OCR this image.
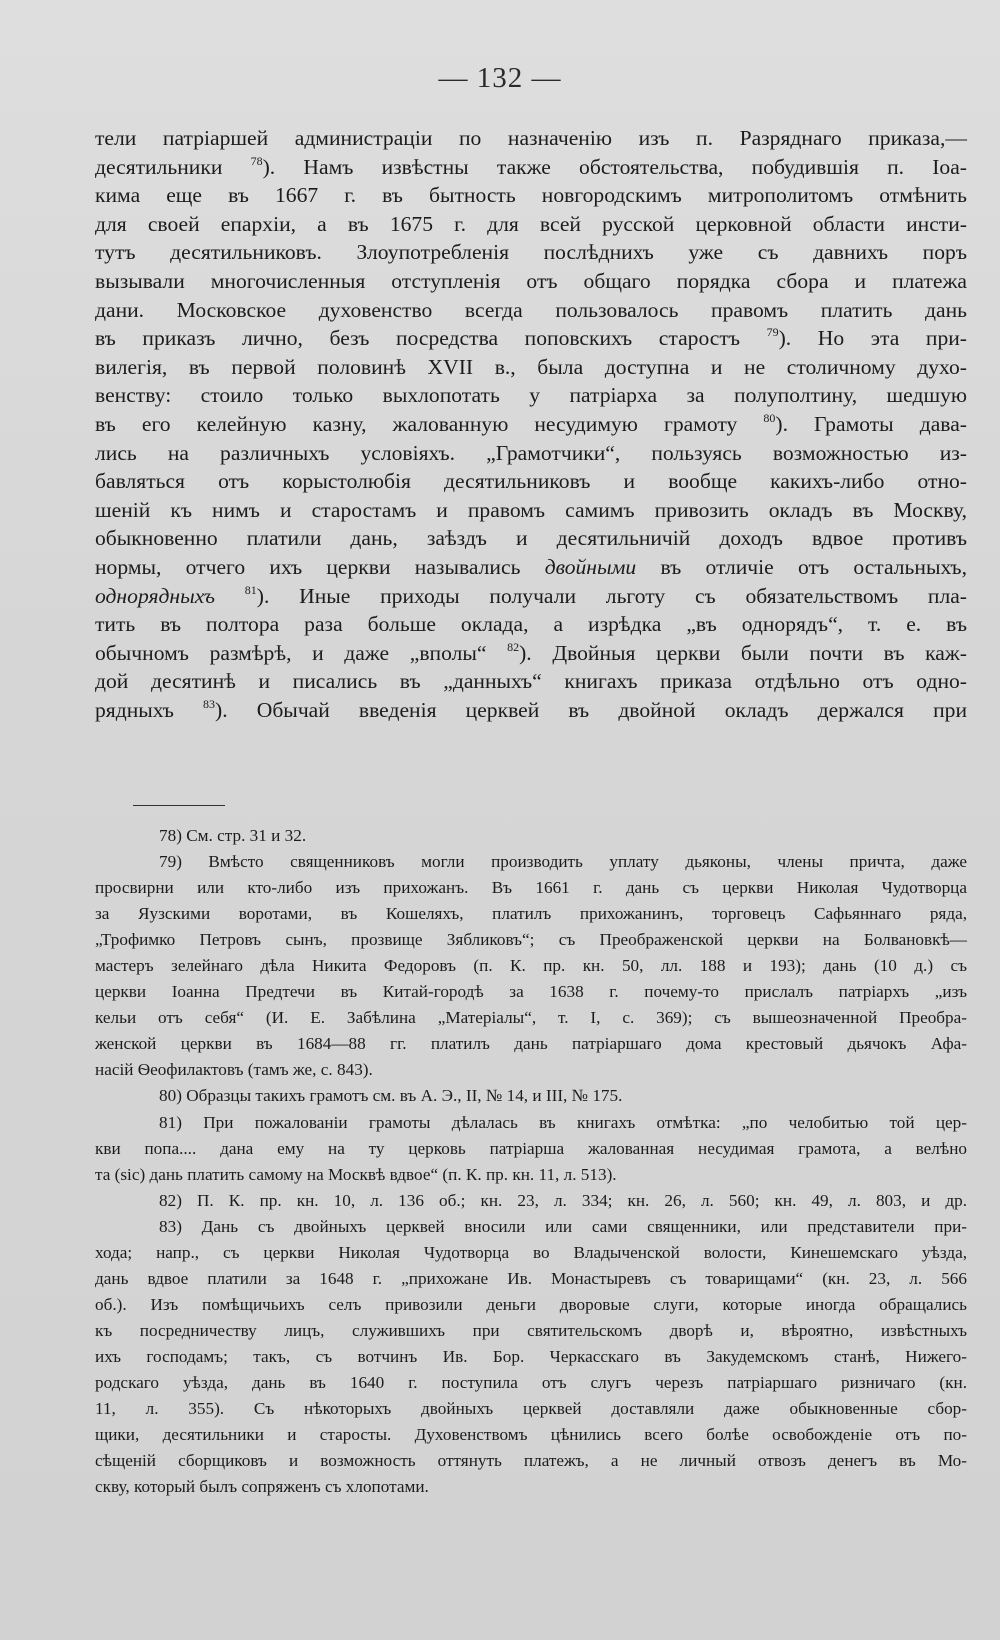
— 132 —
тели патріаршей администраціи по назначенію изъ п. Разряднаго приказа,—
десятильники $^{78}$). Намъ извѣстны также обстоятельства, побудившія п. Іоа-
кима еще въ 1667 г. въ бытность новгородскимъ митрополитомъ отмѣнить
для своей епархіи, а въ 1675 г. для всей русской церковной области инсти-
тутъ десятильниковъ. Злоупотребленія послѣднихъ уже съ давнихъ поръ
вызывали многочисленныя отступленія отъ общаго порядка сбора и платежа
дани. Московское духовенство всегда пользовалось правомъ платить дань
въ приказъ лично, безъ посредства поповскихъ старостъ $^{79}$). Но эта при-
вилегія, въ первой половинѣ XVII в., была доступна и не столичному духо-
венству: стоило только выхлопотать у патріарха за полуполтину, шедшую
въ его келейную казну, жалованную несудимую грамоту $^{80}$). Грамоты дава-
лись на различныхъ условіяхъ. „Грамотчики“, пользуясь возможностью из-
бавляться отъ корыстолюбія десятильниковъ и вообще какихъ-либо отно-
шеній къ нимъ и старостамъ и правомъ самимъ привозить окладъ въ Москву,
обыкновенно платили дань, заѣздъ и десятильничій доходъ вдвое противъ
нормы, отчего ихъ церкви назывались двойными въ отличіе отъ остальныхъ,
однорядныхъ $^{81}$). Иные приходы получали льготу съ обязательствомъ пла-
тить въ полтора раза больше оклада, а изрѣдка „въ однорядъ“, т. е. въ
обычномъ размѣрѣ, и даже „вполы“ $^{82}$). Двойныя церкви были почти въ каж-
дой десятинѣ и писались въ „данныхъ“ книгахъ приказа отдѣльно отъ одно-
рядныхъ $^{83}$). Обычай введенія церквей въ двойной окладъ держался при
78) См. стр. 31 и 32.
79) Вмѣсто священниковъ могли производить уплату дьяконы, члены причта, даже
просвирни или кто-либо изъ прихожанъ. Въ 1661 г. дань съ церкви Николая Чудотворца
за Яузскими воротами, въ Кошеляхъ, платилъ прихожанинъ, торговецъ Сафьяннаго ряда,
„Трофимко Петровъ сынъ, прозвище Зябликовъ“; съ Преображенской церкви на Болвановкѣ—
мастеръ зелейнаго дѣла Никита Федоровъ (п. К. пр. кн. 50, лл. 188 и 193); дань (10 д.) съ
церкви Іоанна Предтечи въ Китай-городѣ за 1638 г. почему-то прислалъ патріархъ „изъ
кельи отъ себя“ (И. Е. Забѣлина „Матеріалы“, т. I, с. 369); съ вышеозначенной Преобра-
женской церкви въ 1684—88 гг. платилъ дань патріаршаго дома крестовый дьячокъ Афа-
насій Ѳеофилактовъ (тамъ же, с. 843).
80) Образцы такихъ грамотъ см. въ А. Э., II, № 14, и III, № 175.
81) При пожалованіи грамоты дѣлалась въ книгахъ отмѣтка: „по челобитью той цер-
кви попа.... дана ему на ту церковь патріарша жалованная несудимая грамота, а велѣно
та (sic) дань платить самому на Москвѣ вдвое“ (п. К. пр. кн. 11, л. 513).
82) П. К. пр. кн. 10, л. 136 об.; кн. 23, л. 334; кн. 26, л. 560; кн. 49, л. 803, и др.
83) Дань съ двойныхъ церквей вносили или сами священники, или представители при-
хода; напр., съ церкви Николая Чудотворца во Владыченской волости, Кинешемскаго уѣзда,
дань вдвое платили за 1648 г. „прихожане Ив. Монастыревъ съ товарищами“ (кн. 23, л. 566
об.). Изъ помѣщичьихъ селъ привозили деньги дворовые слуги, которые иногда обращались
къ посредничеству лицъ, служившихъ при святительскомъ дворѣ и, вѣроятно, извѣстныхъ
ихъ господамъ; такъ, съ вотчинъ Ив. Бор. Черкасскаго въ Закудемскомъ станѣ, Нижего-
родскаго уѣзда, дань въ 1640 г. поступила отъ слугъ черезъ патріаршаго ризничаго (кн.
11, л. 355). Съ нѣкоторыхъ двойныхъ церквей доставляли даже обыкновенные сбор-
щики, десятильники и старосты. Духовенствомъ цѣнились всего болѣе освобожденіе отъ по-
сѣщеній сборщиковъ и возможность оттянуть платежъ, а не личный отвозъ денегъ въ Мо-
скву, который былъ сопряженъ съ хлопотами.
